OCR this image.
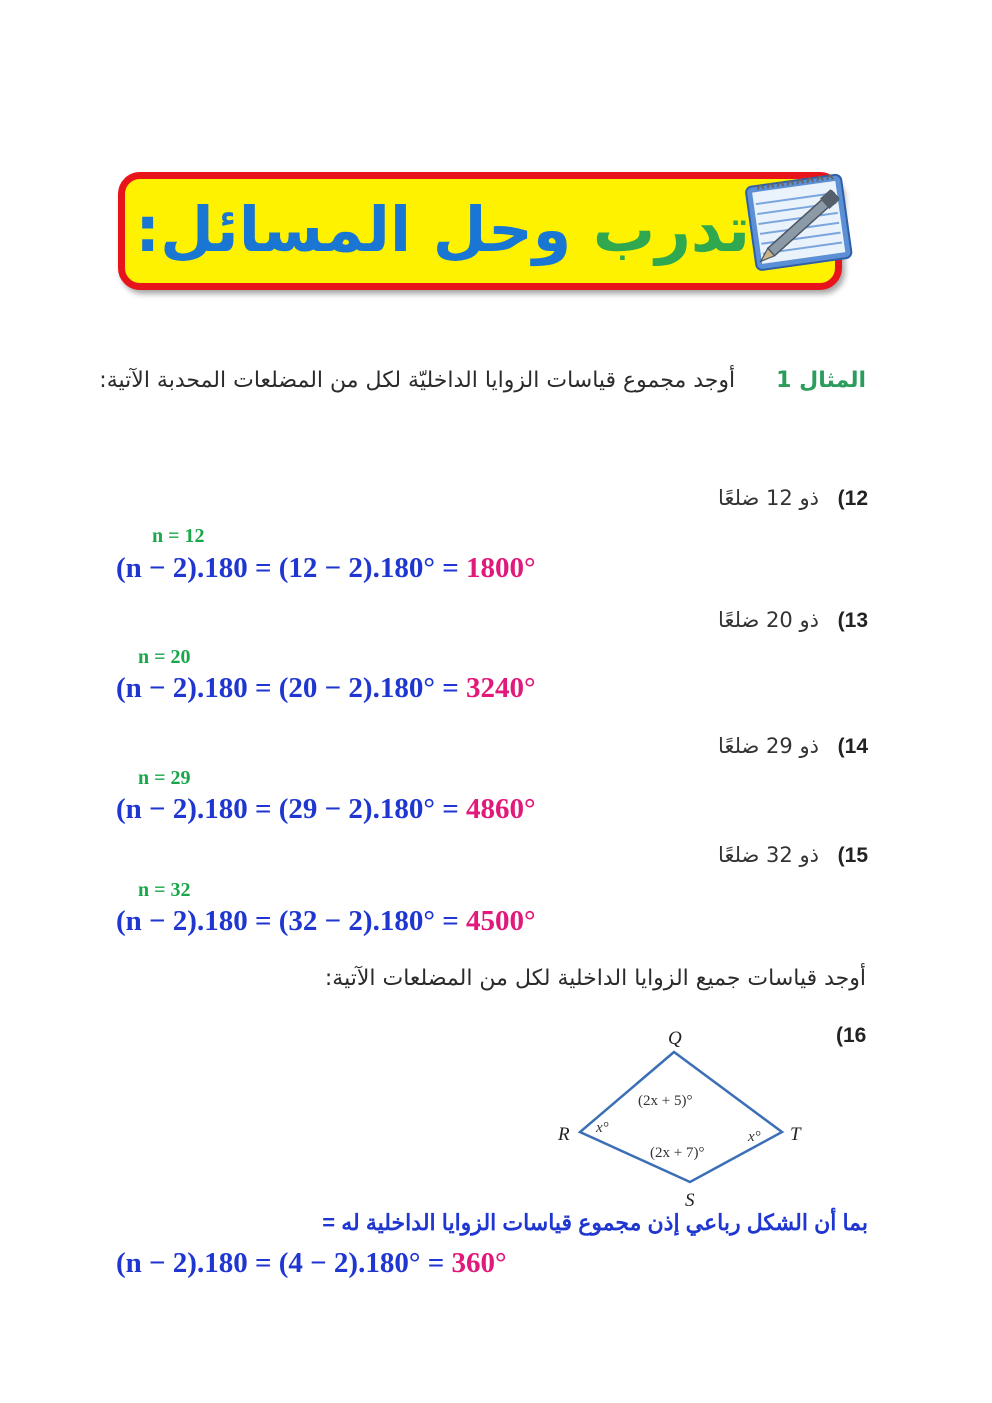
تدرب وحل المسائل:
المثال 1 أوجد مجموع قياسات الزوايا الداخليّة لكل من المضلعات المحدبة الآتية:
12) ذو 12 ضلعًا
n = 12
(n − 2).180 = (12 − 2).180° = 1800°
13) ذو 20 ضلعًا
n = 20
(n − 2).180 = (20 − 2).180° = 3240°
14) ذو 29 ضلعًا
n = 29
(n − 2).180 = (29 − 2).180° = 4860°
15) ذو 32 ضلعًا
n = 32
(n − 2).180 = (32 − 2).180° = 4500°
أوجد قياسات جميع الزوايا الداخلية لكل من المضلعات الآتية:
(16
Q
R
S
T
(2x + 5)°
x°
(2x + 7)°
x°
بما أن الشكل رباعي إذن مجموع قياسات الزوايا الداخلية له =
(n − 2).180 = (4 − 2).180° = 360°
